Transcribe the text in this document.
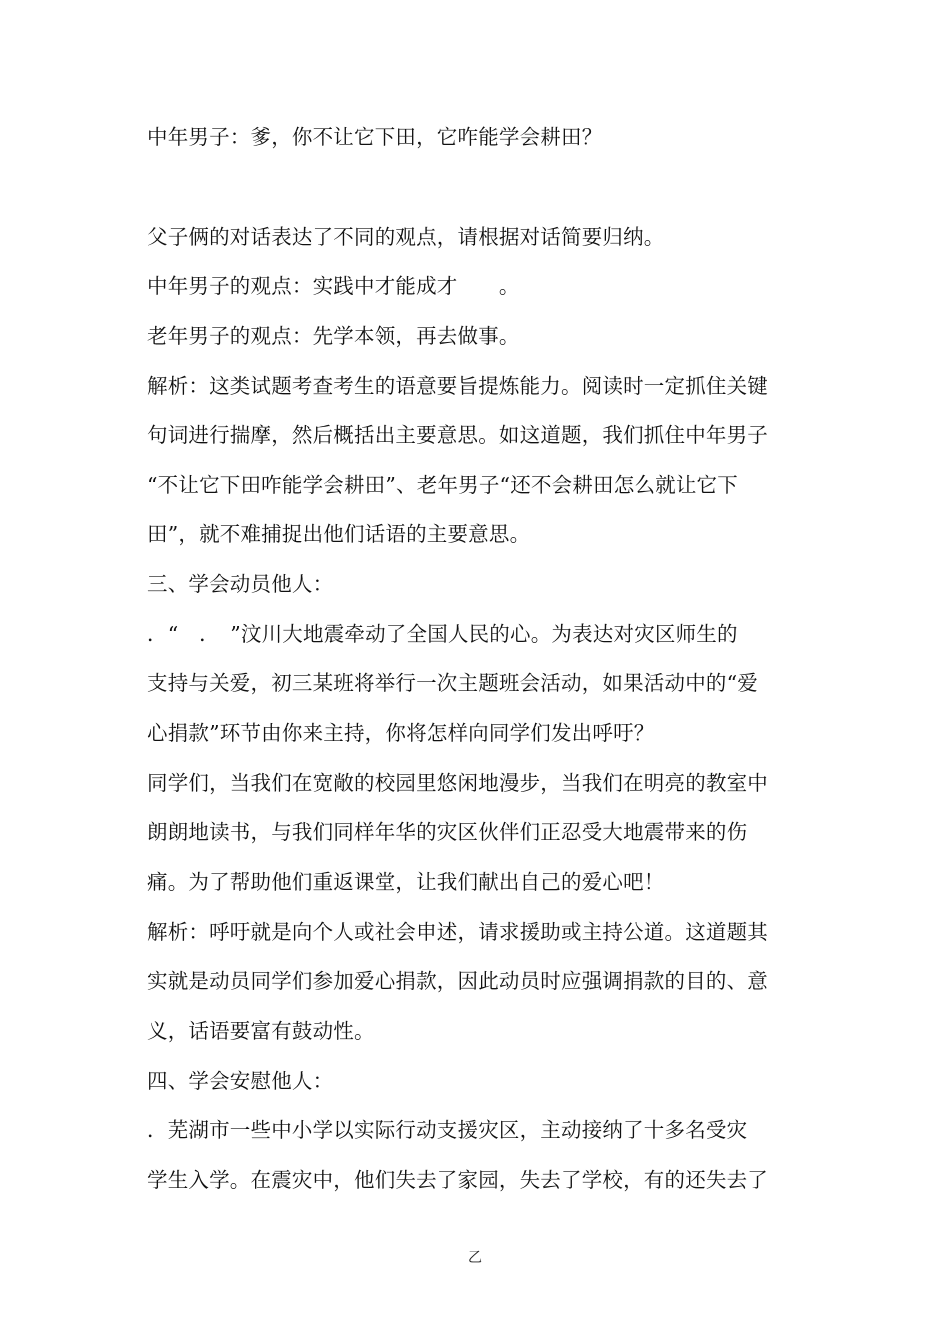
中年男子：爹，你不让它下田，它咋能学会耕田？
父子俩的对话表达了不同的观点，请根据对话简要归纳。
中年男子的观点：实践中才能成才　　。
老年男子的观点：先学本领，再去做事。
解析：这类试题考查考生的语意要旨提炼能力。阅读时一定抓住关键
句词进行揣摩，然后概括出主要意思。如这道题，我们抓住中年男子
“不让它下田咋能学会耕田”、老年男子“还不会耕田怎么就让它下
田”，就不难捕捉出他们话语的主要意思。
三、学会动员他人：
．“　．　”汶川大地震牵动了全国人民的心。为表达对灾区师生的
支持与关爱，初三某班将举行一次主题班会活动，如果活动中的“爱
心捐款”环节由你来主持，你将怎样向同学们发出呼吁？
同学们，当我们在宽敞的校园里悠闲地漫步，当我们在明亮的教室中
朗朗地读书，与我们同样年华的灾区伙伴们正忍受大地震带来的伤
痛。为了帮助他们重返课堂，让我们献出自己的爱心吧！
解析：呼吁就是向个人或社会申述，请求援助或主持公道。这道题其
实就是动员同学们参加爱心捐款，因此动员时应强调捐款的目的、意
义，话语要富有鼓动性。
四、学会安慰他人：
．芜湖市一些中小学以实际行动支援灾区，主动接纳了十多名受灾
学生入学。在震灾中，他们失去了家园，失去了学校，有的还失去了
乙
